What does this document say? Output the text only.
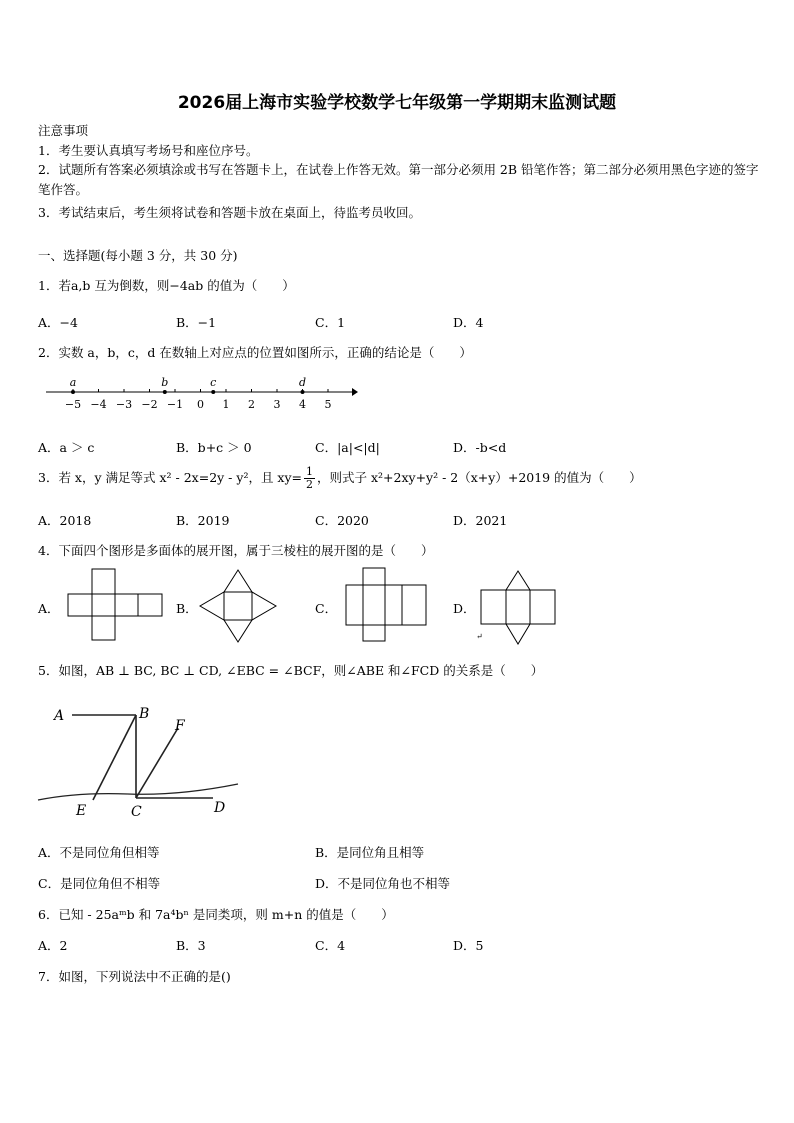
2026届上海市实验学校数学七年级第一学期期末监测试题
注意事项
1．考生要认真填写考场号和座位序号。
2．试题所有答案必须填涂或书写在答题卡上，在试卷上作答无效。第一部分必须用 2B 铅笔作答；第二部分必须用黑色字迹的签字笔作答。
3．考试结束后，考生须将试卷和答题卡放在桌面上，待监考员收回。
一、选择题(每小题 3 分，共 30 分)
1．若a,b 互为倒数，则−4ab 的值为（　　）
A．−4	B．−1	C．1	D．4
2．实数 a，b，c，d 在数轴上对应点的位置如图所示，正确的结论是（　　）
−5 −4 −3 −2 −1 0 1 2 3 4 5
a	b	c	d
A．a ＞ c	B．b+c ＞ 0	C．|a|<|d|	D．-b<d
3．若 x，y 满足等式 x² - 2x=2y - y²，且 $xy= \frac{1}{2}$ ，则式子 x²+2xy+y² - 2（x+y）+2019 的值为（　　）
A．2018	B．2019	C．2020	D．2021
4．下面四个图形是多面体的展开图，属于三棱柱的展开图的是（　　）
A．	B．	C．	D．
↵
5．如图，AB ⊥ BC, BC ⊥ CD, ∠EBC = ∠BCF，则∠ABE 和∠FCD 的关系是（　　）
A	B
F
E	C	D
A．不是同位角但相等	B．是同位角且相等
C．是同位角但不相等	D．不是同位角也不相等
6．已知 - 25aᵐb 和 7a⁴bⁿ 是同类项，则 m+n 的值是（　　）
A．2	B．3	C．4	D．5
7．如图，下列说法中不正确的是()
